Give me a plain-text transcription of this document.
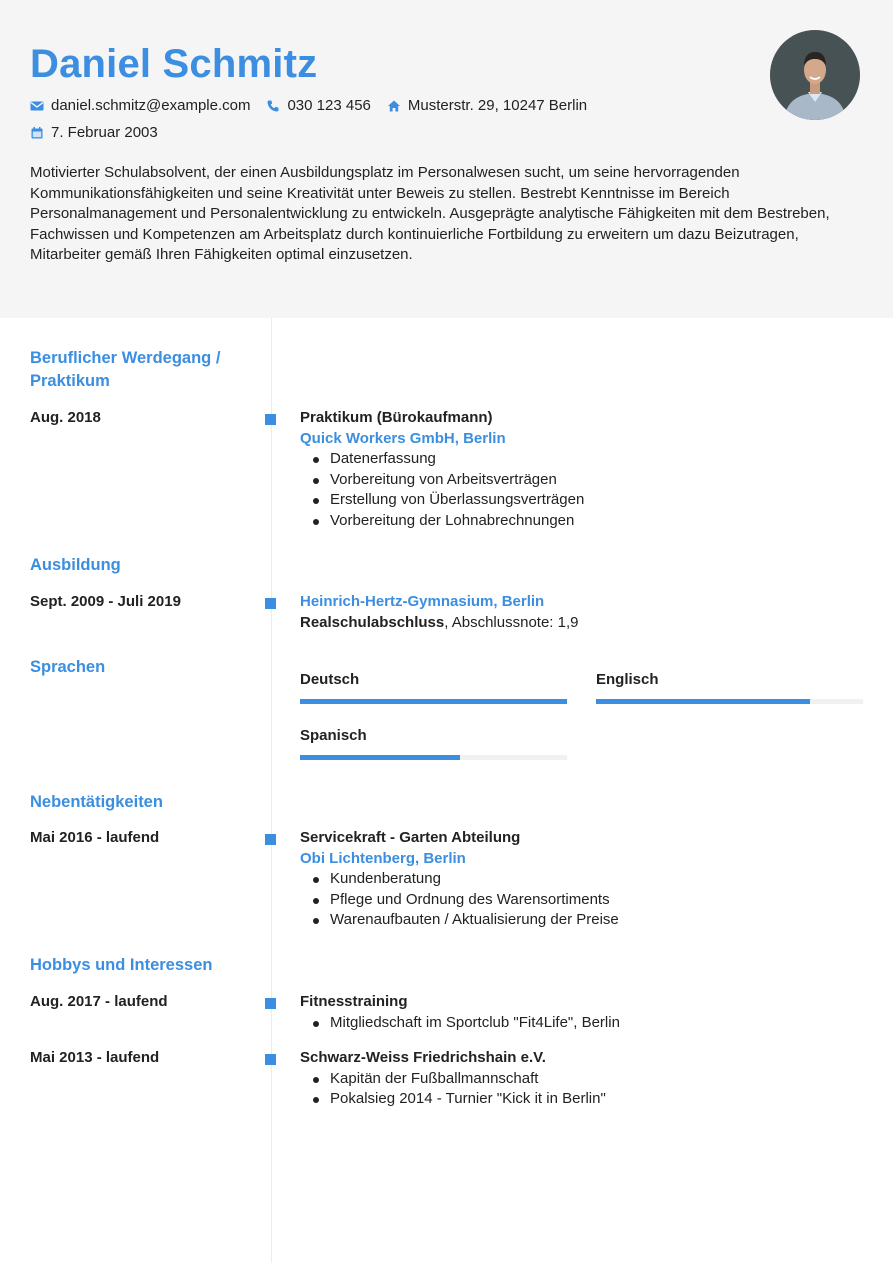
Daniel Schmitz
daniel.schmitz@example.com 030 123 456 Musterstr. 29, 10247 Berlin
7. Februar 2003
Motivierter Schulabsolvent, der einen Ausbildungsplatz im Personalwesen sucht, um seine hervorragenden Kommunikationsfähigkeiten und seine Kreativität unter Beweis zu stellen. Bestrebt Kenntnisse im Bereich Personalmanagement und Personalentwicklung zu entwickeln. Ausgeprägte analytische Fähigkeiten mit dem Bestreben, Fachwissen und Kompetenzen am Arbeitsplatz durch kontinuierliche Fortbildung zu erweitern um dazu Beizutragen, Mitarbeiter gemäß Ihren Fähigkeiten optimal einzusetzen.
Beruflicher Werdegang / Praktikum
Aug. 2018	Praktikum (Bürokaufmann)
Quick Workers GmbH, Berlin
Datenerfassung
Vorbereitung von Arbeitsverträgen
Erstellung von Überlassungsverträgen
Vorbereitung der Lohnabrechnungen
Ausbildung
Sept. 2009 - Juli 2019	Heinrich-Hertz-Gymnasium, Berlin
Realschulabschluss, Abschlussnote: 1,9
Sprachen
Deutsch	Englisch
Spanisch
Nebentätigkeiten
Mai 2016 - laufend	Servicekraft - Garten Abteilung
Obi Lichtenberg, Berlin
Kundenberatung
Pflege und Ordnung des Warensortiments
Warenaufbauten / Aktualisierung der Preise
Hobbys und Interessen
Aug. 2017 - laufend	Fitnesstraining
Mitgliedschaft im Sportclub "Fit4Life", Berlin
Mai 2013 - laufend	Schwarz-Weiss Friedrichshain e.V.
Kapitän der Fußballmannschaft
Pokalsieg 2014 - Turnier "Kick it in Berlin"
